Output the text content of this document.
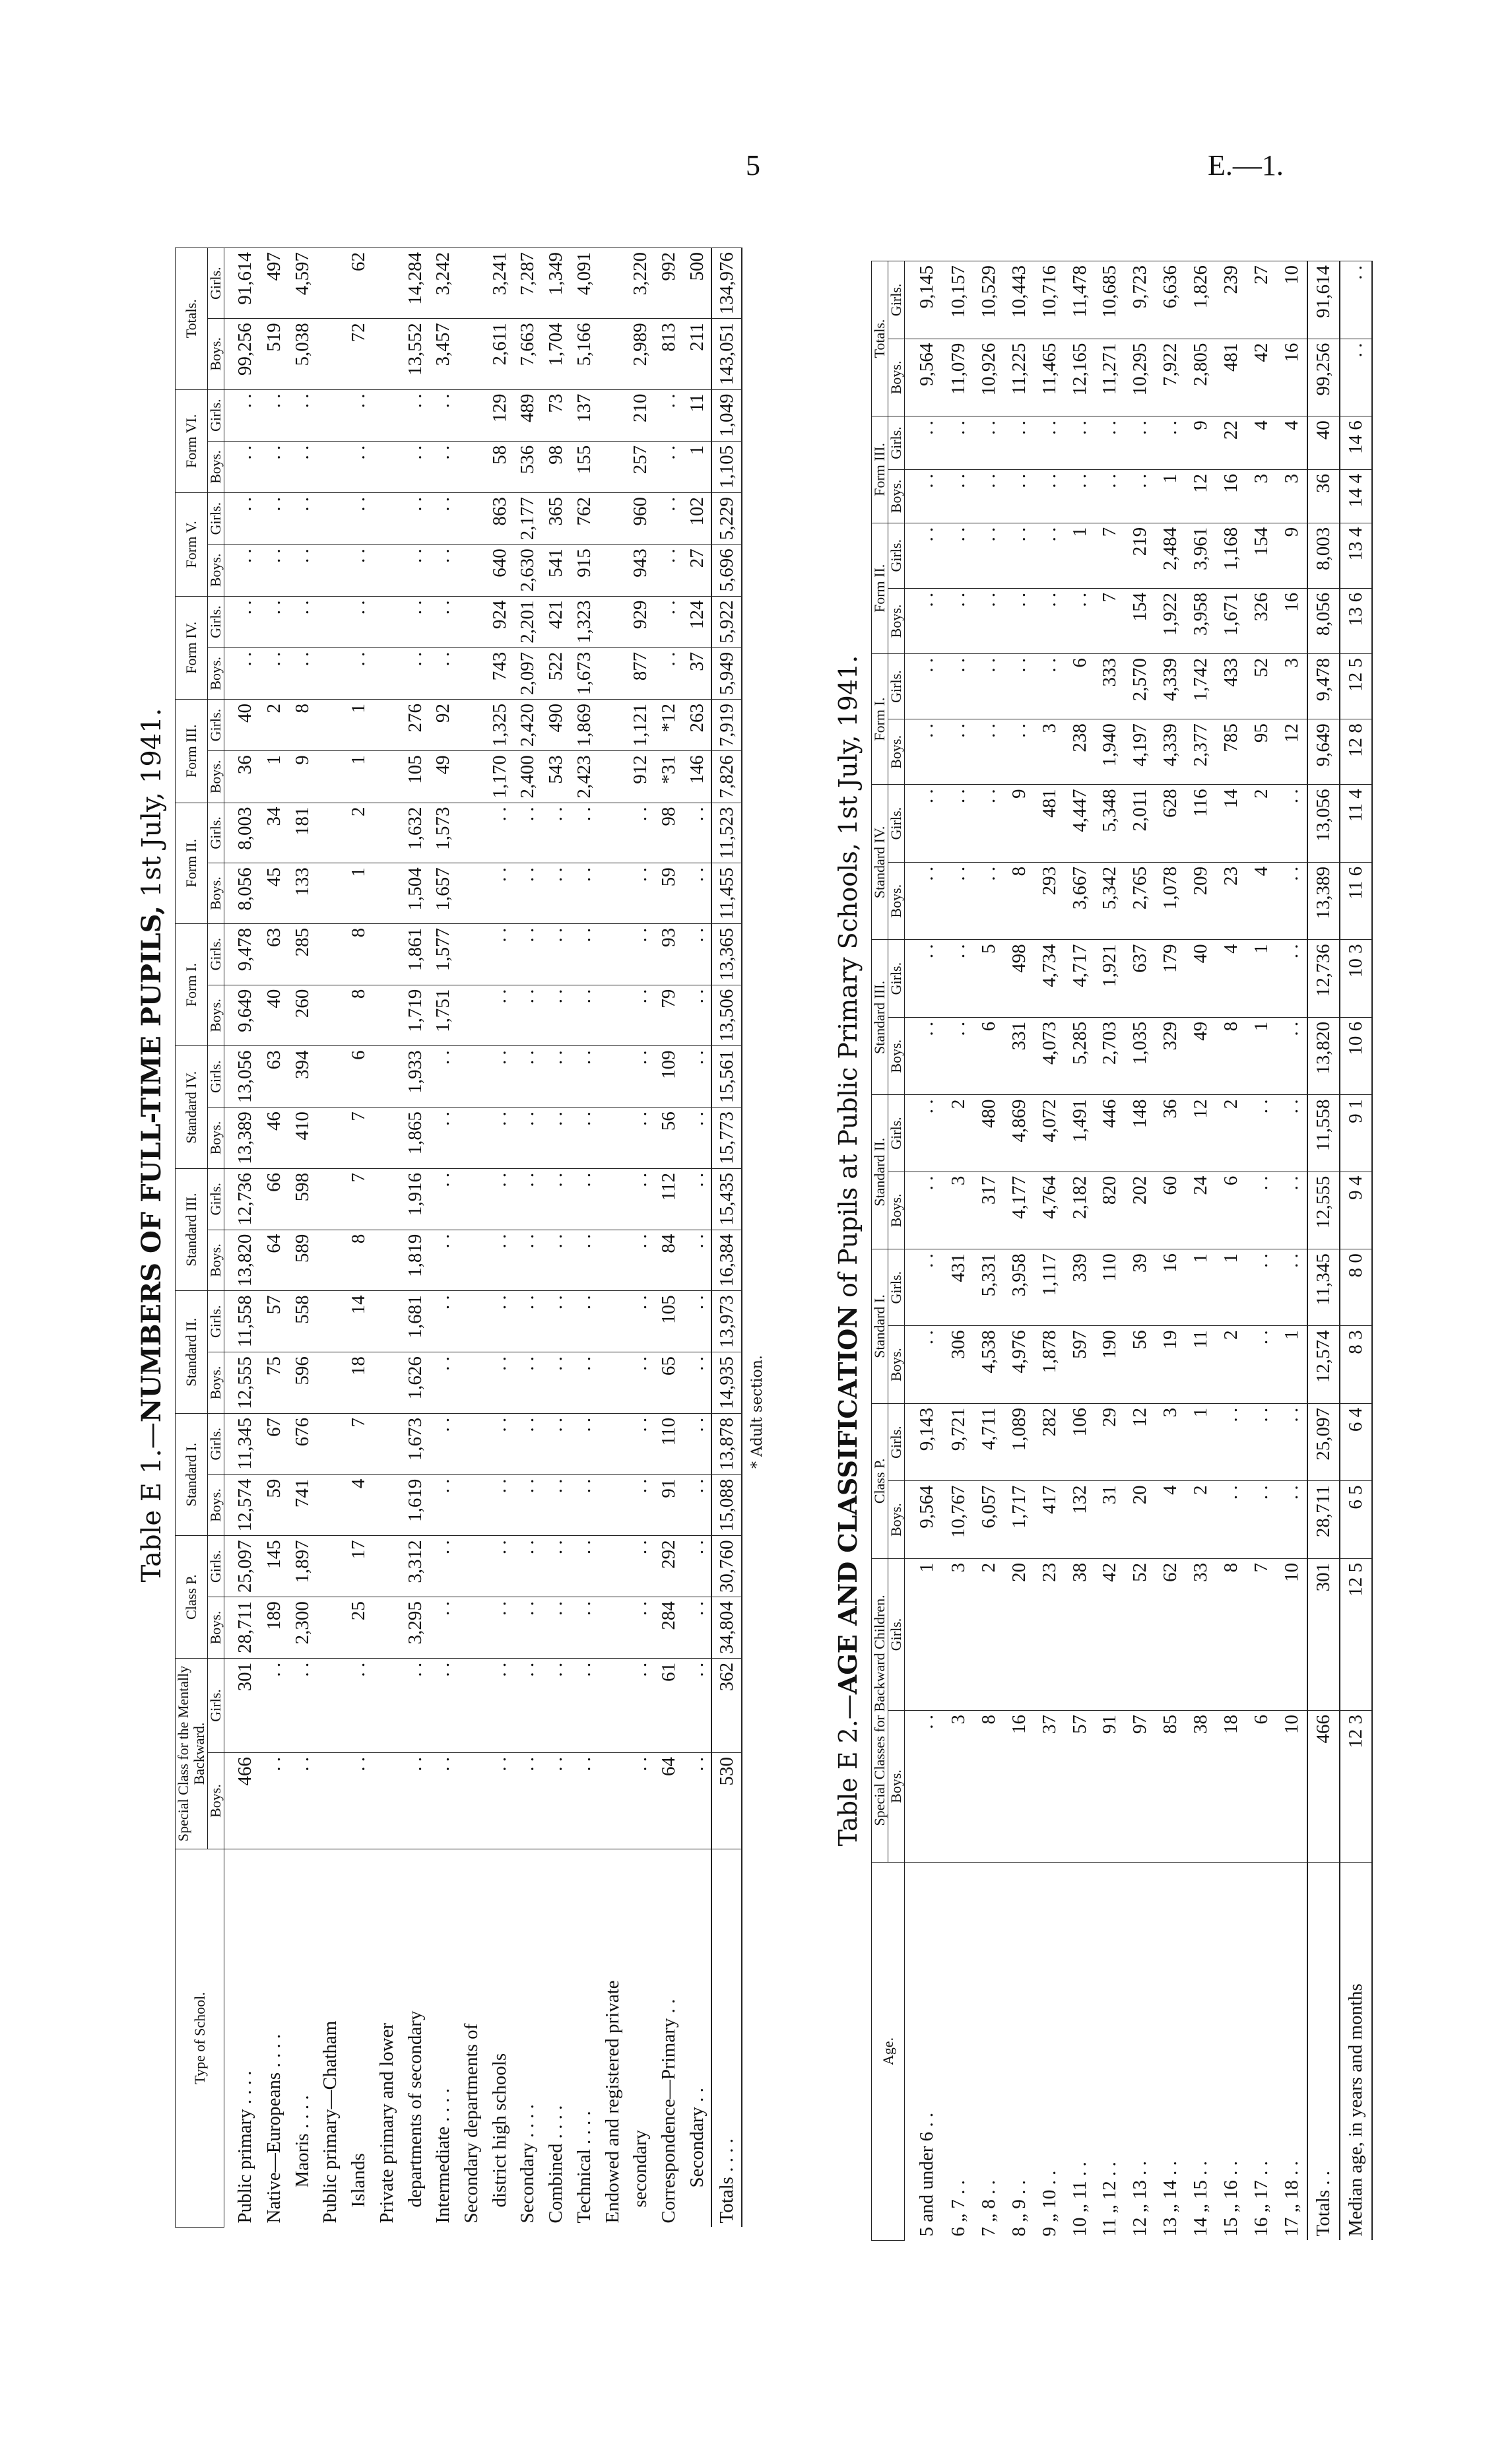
5	E.—1.
Table E 1.—NUMBERS OF FULL-TIME PUPILS, 1st July, 1941.
Type of School.	Special Class for the Mentally Backward.		Class P.		Standard I.		Standard II.		Standard III.		Standard IV.		Form I.		Form II.		Form III.		Form IV.		Form V.		Form VI.		Totals.	
	Boys.	Girls.	Boys.	Girls.	Boys.	Girls.	Boys.	Girls.	Boys.	Girls.	Boys.	Girls.	Boys.	Girls.	Boys.	Girls.	Boys.	Girls.	Boys.	Girls.	Boys.	Girls.	Boys.	Girls.	Boys.	Girls.
Public primary . . . .	466	301	28,711	25,097	12,574	11,345	12,555	11,558	13,820	12,736	13,389	13,056	9,649	9,478	8,056	8,003	36	40	. .	. .	. .	. .	. .	. .	99,256	91,614
Native—Europeans . . . .	. .	. .	189	145	59	67	75	57	64	66	46	63	40	63	45	34	1	2	. .	. .	. .	. .	. .	. .	519	497
Maoris . . . .	. .	. .	2,300	1,897	741	676	596	558	589	598	410	394	260	285	133	181	9	8	. .	. .	. .	. .	. .	. .	5,038	4,597
Public primary—Chatham																										
Islands	. .	. .	25	17	4	7	18	14	8	7	7	6	8	8	1	2	1	1	. .	. .	. .	. .	. .	. .	72	62
Private primary and lower																										
departments of secondary	. .	. .	3,295	3,312	1,619	1,673	1,626	1,681	1,819	1,916	1,865	1,933	1,719	1,861	1,504	1,632	105	276	. .	. .	. .	. .	. .	. .	13,552	14,284
Intermediate . . . .	. .	. .	. .	. .	. .	. .	. .	. .	. .	. .	. .	. .	1,751	1,577	1,657	1,573	49	92	. .	. .	. .	. .	. .	. .	3,457	3,242
Secondary departments of																										
district high schools	. .	. .	. .	. .	. .	. .	. .	. .	. .	. .	. .	. .	. .	. .	. .	. .	1,170	1,325	743	924	640	863	58	129	2,611	3,241
Secondary . . . .	. .	. .	. .	. .	. .	. .	. .	. .	. .	. .	. .	. .	. .	. .	. .	. .	2,400	2,420	2,097	2,201	2,630	2,177	536	489	7,663	7,287
Combined . . . .	. .	. .	. .	. .	. .	. .	. .	. .	. .	. .	. .	. .	. .	. .	. .	. .	543	490	522	421	541	365	98	73	1,704	1,349
Technical . . . .	. .	. .	. .	. .	. .	. .	. .	. .	. .	. .	. .	. .	. .	. .	. .	. .	2,423	1,869	1,673	1,323	915	762	155	137	5,166	4,091
Endowed and registered private																										
secondary	. .	. .	. .	. .	. .	. .	. .	. .	. .	. .	. .	. .	. .	. .	. .	. .	912	1,121	877	929	943	960	257	210	2,989	3,220
Correspondence—Primary . .	64	61	284	292	91	110	65	105	84	112	56	109	79	93	59	98	*31	*12	. .	. .	. .	. .	. .	. .	813	992
Secondary . .	. .	. .	. .	. .	. .	. .	. .	. .	. .	. .	. .	. .	. .	. .	. .	. .	146	263	37	124	27	102	1	11	211	500
Totals . . . .	530	362	34,804	30,760	15,088	13,878	14,935	13,973	16,384	15,435	15,773	15,561	13,506	13,365	11,455	11,523	7,826	7,919	5,949	5,922	5,696	5,229	1,105	1,049	143,051	134,976
* Adult section.
Table E 2.—AGE AND CLASSIFICATION of Pupils at Public Primary Schools, 1st July, 1941.
Age.	Special Classes for Backward Children.		Class P.		Standard I.		Standard II.		Standard III.		Standard IV.		Form I.		Form II.		Form III.		Totals.	
	Boys.	Girls.	Boys.	Girls.	Boys.	Girls.	Boys.	Girls.	Boys.	Girls.	Boys.	Girls.	Boys.	Girls.	Boys.	Girls.	Boys.	Girls.	Boys.	Girls.
5 and under 6 . .	. .	1	9,564	9,143	. .	. .	. .	. .	. .	. .	. .	. .	. .	. .	. .	. .	. .	. .	9,564	9,145
6 „ 7 . .	3	3	10,767	9,721	306	431	3	2	. .	. .	. .	. .	. .	. .	. .	. .	. .	. .	11,079	10,157
7 „ 8 . .	8	2	6,057	4,711	4,538	5,331	317	480	6	5	. .	. .	. .	. .	. .	. .	. .	. .	10,926	10,529
8 „ 9 . .	16	20	1,717	1,089	4,976	3,958	4,177	4,869	331	498	8	9	. .	. .	. .	. .	. .	. .	11,225	10,443
9 „ 10 . .	37	23	417	282	1,878	1,117	4,764	4,072	4,073	4,734	293	481	3	. .	. .	. .	. .	. .	11,465	10,716
10 „ 11 . .	57	38	132	106	597	339	2,182	1,491	5,285	4,717	3,667	4,447	238	6	. .	1	. .	. .	12,165	11,478
11 „ 12 . .	91	42	31	29	190	110	820	446	2,703	1,921	5,342	5,348	1,940	333	7	7	. .	. .	11,271	10,685
12 „ 13 . .	97	52	20	12	56	39	202	148	1,035	637	2,765	2,011	4,197	2,570	154	219	. .	. .	10,295	9,723
13 „ 14 . .	85	62	4	3	19	16	60	36	329	179	1,078	628	4,339	4,339	1,922	2,484	1	. .	7,922	6,636
14 „ 15 . .	38	33	2	1	11	1	24	12	49	40	209	116	2,377	1,742	3,958	3,961	12	9	2,805	1,826
15 „ 16 . .	18	8	. .	. .	2	1	6	2	8	4	23	14	785	433	1,671	1,168	16	22	481	239
16 „ 17 . .	6	7	. .	. .	. .	. .	. .	. .	1	1	4	2	95	52	326	154	3	4	42	27
17 „ 18 . .	10	10	. .	. .	1	. .	. .	. .	. .	. .	. .	. .	12	3	16	9	3	4	16	10
Totals . .	466	301	28,711	25,097	12,574	11,345	12,555	11,558	13,820	12,736	13,389	13,056	9,649	9,478	8,056	8,003	36	40	99,256	91,614
Median age, in years and months	12 3	12 5	6 5	6 4	8 3	8 0	9 4	9 1	10 6	10 3	11 6	11 4	12 8	12 5	13 6	13 4	14 4	14 6	. .	. .
